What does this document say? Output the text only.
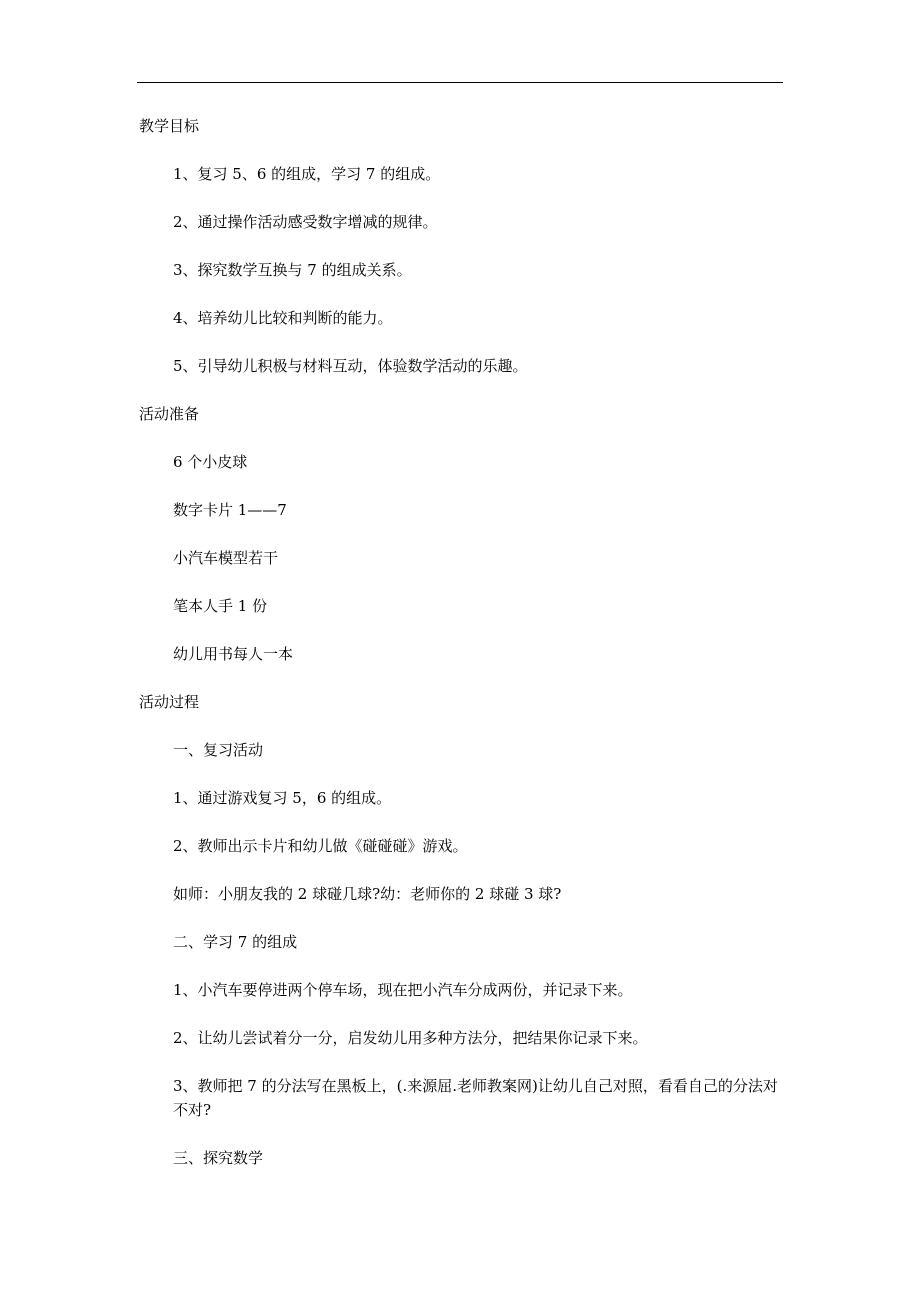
教学目标
1、复习 5、6 的组成，学习 7 的组成。
2、通过操作活动感受数字增减的规律。
3、探究数学互换与 7 的组成关系。
4、培养幼儿比较和判断的能力。
5、引导幼儿积极与材料互动，体验数学活动的乐趣。
活动准备
6 个小皮球
数字卡片 1——7
小汽车模型若干
笔本人手 1 份
幼儿用书每人一本
活动过程
一、复习活动
1、通过游戏复习 5，6 的组成。
2、教师出示卡片和幼儿做《碰碰碰》游戏。
如师：小朋友我的 2 球碰几球?幼：老师你的 2 球碰 3 球?
二、学习 7 的组成
1、小汽车要停进两个停车场，现在把小汽车分成两份，并记录下来。
2、让幼儿尝试着分一分，启发幼儿用多种方法分，把结果你记录下来。
3、教师把 7 的分法写在黑板上，(.来源屈.老师教案网)让幼儿自己对照，看看自己的分法对不对?
三、探究数学
